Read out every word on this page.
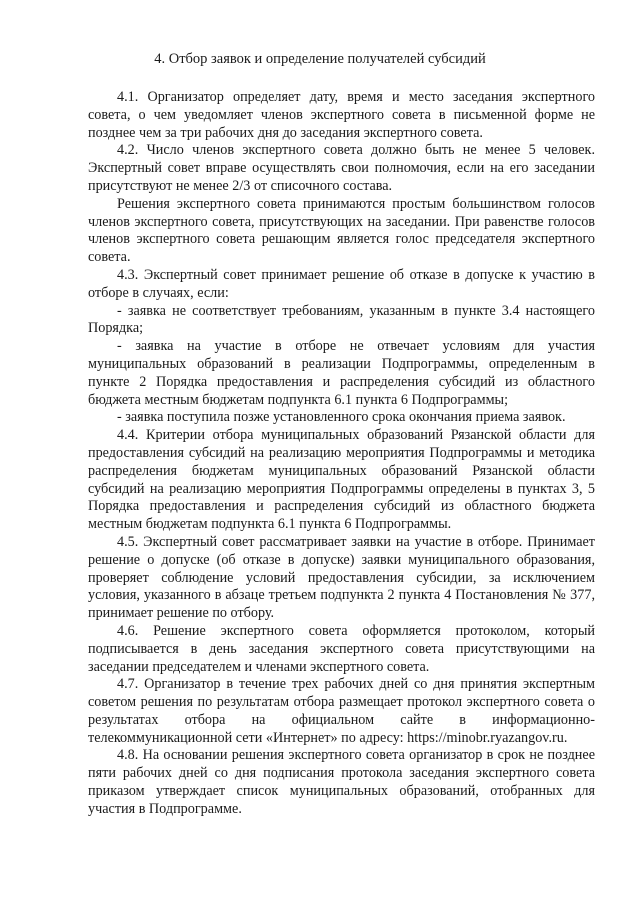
4. Отбор заявок и определение получателей субсидий

4.1. Организатор определяет дату, время и место заседания экспертного совета, о чем уведомляет членов экспертного совета в письменной форме не позднее чем за три рабочих дня до заседания экспертного совета.

4.2. Число членов экспертного совета должно быть не менее 5 человек. Экспертный совет вправе осуществлять свои полномочия, если на его заседании присутствуют не менее 2/3 от списочного состава.

Решения экспертного совета принимаются простым большинством голосов членов экспертного совета, присутствующих на заседании. При равенстве голосов членов экспертного совета решающим является голос председателя экспертного совета.

4.3. Экспертный совет принимает решение об отказе в допуске к участию в отборе в случаях, если:

- заявка не соответствует требованиям, указанным в пункте 3.4 настоящего Порядка;
- заявка на участие в отборе не отвечает условиям для участия муниципальных образований в реализации Подпрограммы, определенным в пункте 2 Порядка предоставления и распределения субсидий из областного бюджета местным бюджетам подпункта 6.1 пункта 6 Подпрограммы;
- заявка поступила позже установленного срока окончания приема заявок.

4.4. Критерии отбора муниципальных образований Рязанской области для предоставления субсидий на реализацию мероприятия Подпрограммы и методика распределения бюджетам муниципальных образований Рязанской области субсидий на реализацию мероприятия Подпрограммы определены в пунктах 3, 5 Порядка предоставления и распределения субсидий из областного бюджета местным бюджетам подпункта 6.1 пункта 6 Подпрограммы.

4.5. Экспертный совет рассматривает заявки на участие в отборе. Принимает решение о допуске (об отказе в допуске) заявки муниципального образования, проверяет соблюдение условий предоставления субсидии, за исключением условия, указанного в абзаце третьем подпункта 2 пункта 4 Постановления № 377, принимает решение по отбору.

4.6. Решение экспертного совета оформляется протоколом, который подписывается в день заседания экспертного совета присутствующими на заседании председателем и членами экспертного совета.

4.7. Организатор в течение трех рабочих дней со дня принятия экспертным советом решения по результатам отбора размещает протокол экспертного совета о результатах отбора на официальном сайте в информационно-телекоммуникационной сети «Интернет» по адресу: https://minobr.ryazangov.ru.

4.8. На основании решения экспертного совета организатор в срок не позднее пяти рабочих дней со дня подписания протокола заседания экспертного совета приказом утверждает список муниципальных образований, отобранных для участия в Подпрограмме.
